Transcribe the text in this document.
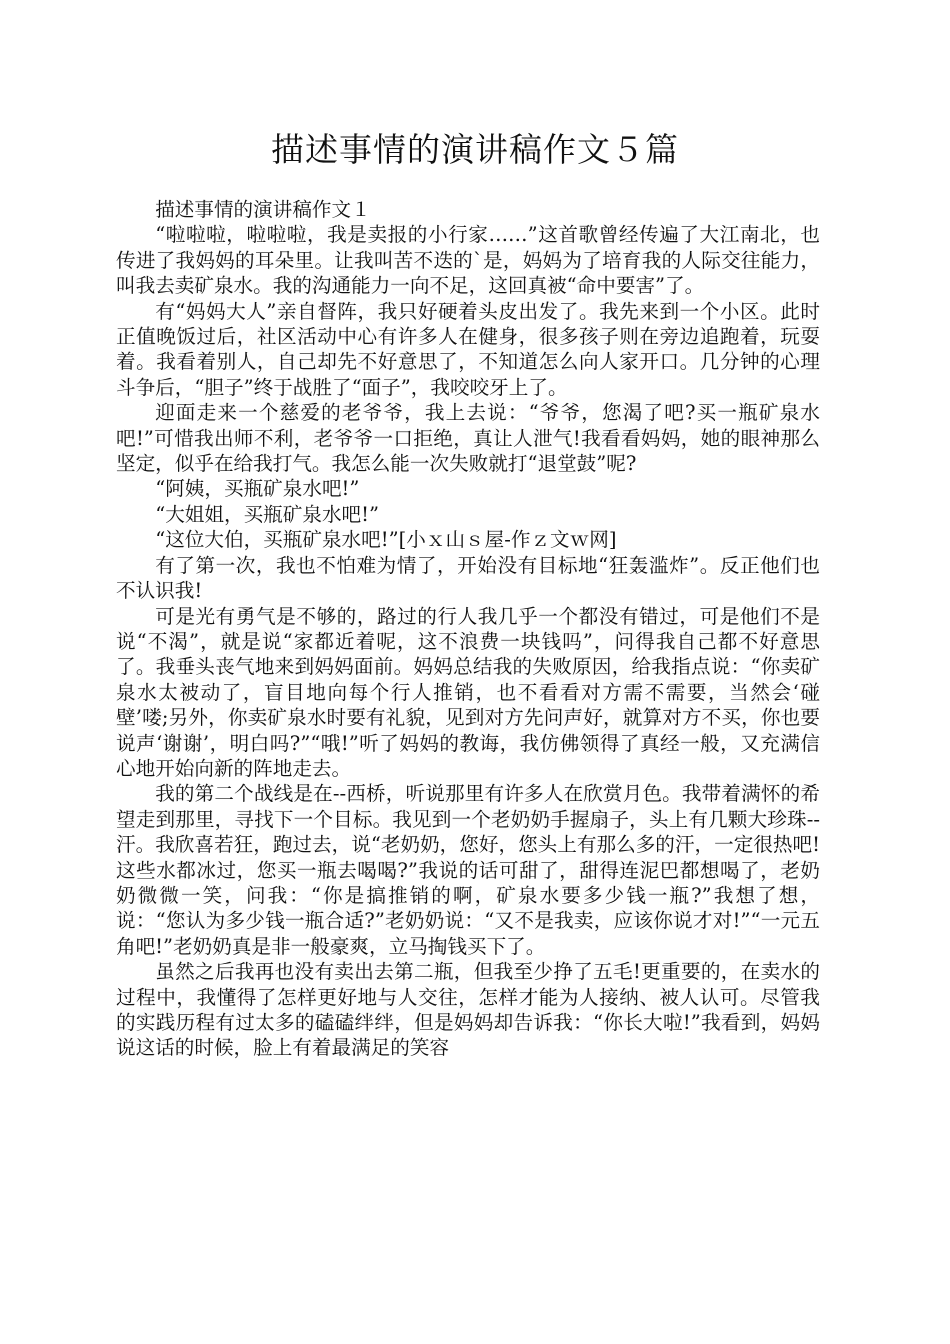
描述事情的演讲稿作文５篇

描述事情的演讲稿作文１

“啦啦啦，啦啦啦，我是卖报的小行家……”这首歌曾经传遍了大江南北，也传进了我妈妈的耳朵里。让我叫苦不迭的`是，妈妈为了培育我的人际交往能力，叫我去卖矿泉水。我的沟通能力一向不足，这回真被“命中要害”了。

有“妈妈大人”亲自督阵，我只好硬着头皮出发了。我先来到一个小区。此时正值晚饭过后，社区活动中心有许多人在健身，很多孩子则在旁边追跑着，玩耍着。我看着别人，自己却先不好意思了，不知道怎么向人家开口。几分钟的心理斗争后，“胆子”终于战胜了“面子”，我咬咬牙上了。

迎面走来一个慈爱的老爷爷，我上去说：“爷爷，您渴了吧?买一瓶矿泉水吧!”可惜我出师不利，老爷爷一口拒绝，真让人泄气!我看看妈妈，她的眼神那么坚定，似乎在给我打气。我怎么能一次失败就打“退堂鼓”呢?

“阿姨，买瓶矿泉水吧!”

“大姐姐，买瓶矿泉水吧!”

“这位大伯，买瓶矿泉水吧!”[小ｘ山ｓ屋-作ｚ文ｗ网]

有了第一次，我也不怕难为情了，开始没有目标地“狂轰滥炸”。反正他们也不认识我!

可是光有勇气是不够的，路过的行人我几乎一个都没有错过，可是他们不是说“不渴”，就是说“家都近着呢，这不浪费一块钱吗”，问得我自己都不好意思了。我垂头丧气地来到妈妈面前。妈妈总结我的失败原因，给我指点说：“你卖矿泉水太被动了，盲目地向每个行人推销，也不看看对方需不需要，当然会‘碰壁’喽;另外，你卖矿泉水时要有礼貌，见到对方先问声好，就算对方不买，你也要说声‘谢谢’，明白吗?”“哦!”听了妈妈的教诲，我仿佛领得了真经一般，又充满信心地开始向新的阵地走去。

我的第二个战线是在--西桥，听说那里有许多人在欣赏月色。我带着满怀的希望走到那里，寻找下一个目标。我见到一个老奶奶手握扇子，头上有几颗大珍珠--汗。我欣喜若狂，跑过去，说“老奶奶，您好，您头上有那么多的汗，一定很热吧!这些水都冰过，您买一瓶去喝喝?”我说的话可甜了，甜得连泥巴都想喝了，老奶奶微微一笑，问我：“你是搞推销的啊，矿泉水要多少钱一瓶?”我想了想，说：“您认为多少钱一瓶合适?”老奶奶说：“又不是我卖，应该你说才对!”“一元五角吧!”老奶奶真是非一般豪爽，立马掏钱买下了。

虽然之后我再也没有卖出去第二瓶，但我至少挣了五毛!更重要的，在卖水的过程中，我懂得了怎样更好地与人交往，怎样才能为人接纳、被人认可。尽管我的实践历程有过太多的磕磕绊绊，但是妈妈却告诉我：“你长大啦!”我看到，妈妈说这话的时候，脸上有着最满足的笑容
